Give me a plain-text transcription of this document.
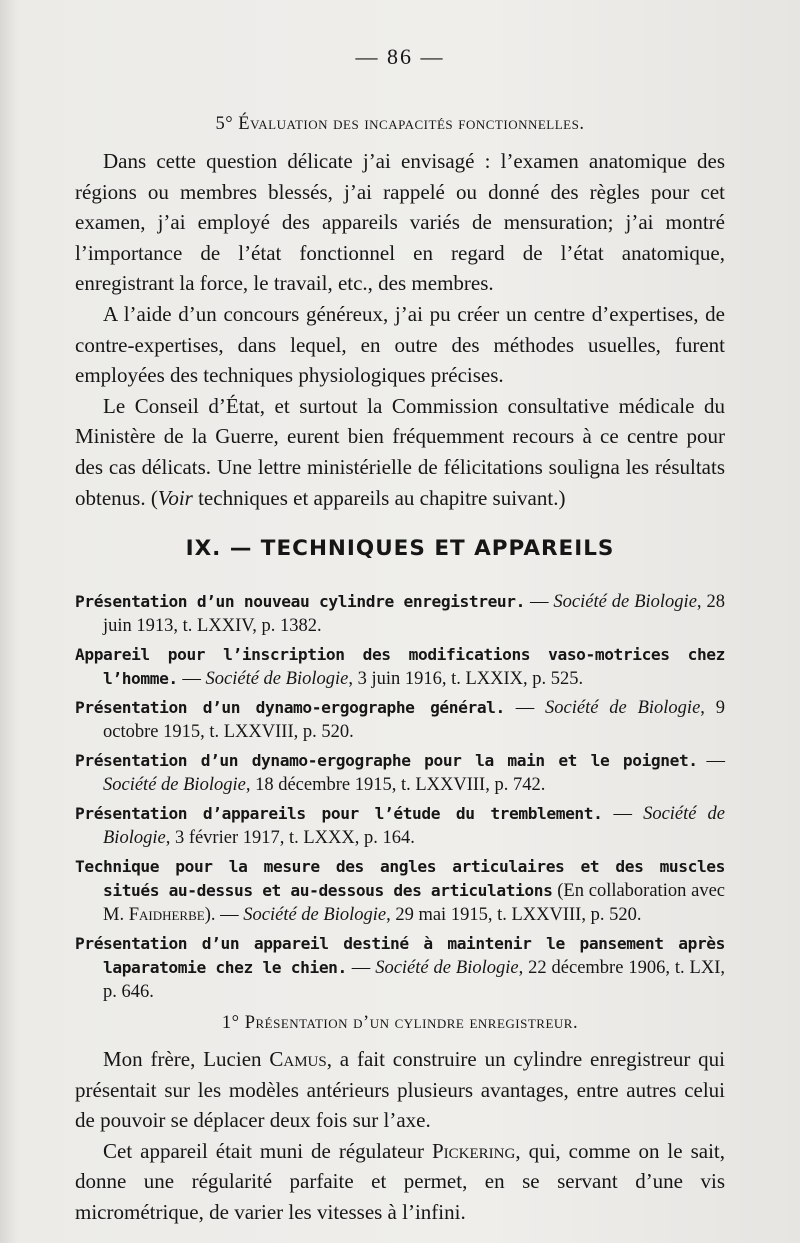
— 86 —
5° Évaluation des incapacités fonctionnelles.

Dans cette question délicate j’ai envisagé : l’examen anatomique des régions ou membres blessés, j’ai rappelé ou donné des règles pour cet examen, j’ai employé des appareils variés de mensuration; j’ai montré l’importance de l’état fonctionnel en regard de l’état anatomique, enregistrant la force, le travail, etc., des membres.

A l’aide d’un concours généreux, j’ai pu créer un centre d’expertises, de contre-expertises, dans lequel, en outre des méthodes usuelles, furent employées des techniques physiologiques précises.

Le Conseil d’État, et surtout la Commission consultative médicale du Ministère de la Guerre, eurent bien fréquemment recours à ce centre pour des cas délicats. Une lettre ministérielle de félicitations souligna les résultats obtenus. (Voir techniques et appareils au chapitre suivant.)

IX. — TECHNIQUES ET APPAREILS
Présentation d’un nouveau cylindre enregistreur. — Société de Biologie, 28 juin 1913, t. LXXIV, p. 1382.
Appareil pour l’inscription des modifications vaso-motrices chez l’homme. — Société de Biologie, 3 juin 1916, t. LXXIX, p. 525.
Présentation d’un dynamo-ergographe général. — Société de Biologie, 9 octobre 1915, t. LXXVIII, p. 520.
Présentation d’un dynamo-ergographe pour la main et le poignet. — Société de Biologie, 18 décembre 1915, t. LXXVIII, p. 742.
Présentation d’appareils pour l’étude du tremblement. — Société de Biologie, 3 février 1917, t. LXXX, p. 164.
Technique pour la mesure des angles articulaires et des muscles situés au-dessus et au-dessous des articulations (En collaboration avec M. Faidherbe). — Société de Biologie, 29 mai 1915, t. LXXVIII, p. 520.
Présentation d’un appareil destiné à maintenir le pansement après laparatomie chez le chien. — Société de Biologie, 22 décembre 1906, t. LXI, p. 646.
1° Présentation d’un cylindre enregistreur.

Mon frère, Lucien Camus, a fait construire un cylindre enregistreur qui présentait sur les modèles antérieurs plusieurs avantages, entre autres celui de pouvoir se déplacer deux fois sur l’axe.

Cet appareil était muni de régulateur Pickering, qui, comme on le sait, donne une régularité parfaite et permet, en se servant d’une vis micrométrique, de varier les vitesses à l’infini.
